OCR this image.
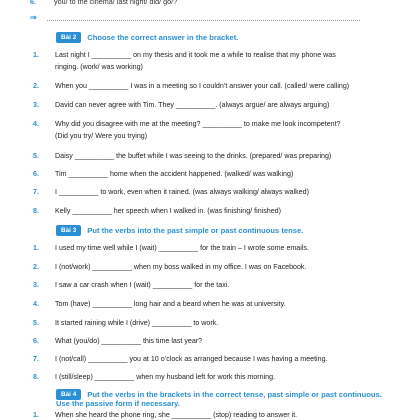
6.	you/ to the cinema/ last night/ did/ go/?
⇒
Bài 2	Choose the correct answer in the bracket.
1.	Last night I __________ on my thesis and it took me a while to realise that my phone was
ringing. (work/ was working)
2.	When you __________ I was in a meeting so I couldn’t answer your call. (called/ were calling)
3.	David can never agree with Tim. They __________. (always argue/ are always arguing)
4.	Why did you disagree with me at the meeting? __________ to make me look incompetent?
(Did you try/ Were you trying)
5.	Daisy __________ the buffet while I was seeing to the drinks. (prepared/ was preparing)
6.	Tim __________ home when the accident happened. (walked/ was walking)
7.	I __________ to work, even when it rained. (was always walking/ always walked)
8.	Kelly __________ her speech when I walked in. (was finishing/ finished)
Bài 3	Put the verbs into the past simple or past continuous tense.
1.	I used my time well while I (wait) __________ for the train – I wrote some emails.
2.	I (not/work) __________ when my boss walked in my office. I was on Facebook.
3.	I saw a car crash when I (wait) __________ for the taxi.
4.	Tom (have) __________ long hair and a beard when he was at university.
5.	It started raining while I (drive) __________ to work.
6.	What (you/do) __________ this time last year?
7.	I (not/call) __________ you at 10 o’clock as arranged because I was having a meeting.
8.	I (still/sleep) __________ when my husband left for work this morning.
Bài 4	Put the verbs in the brackets in the correct tense, past simple or past continuous.
Use the passive form if necessary.
1.	When she heard the phone ring, she __________ (stop) reading to answer it.
